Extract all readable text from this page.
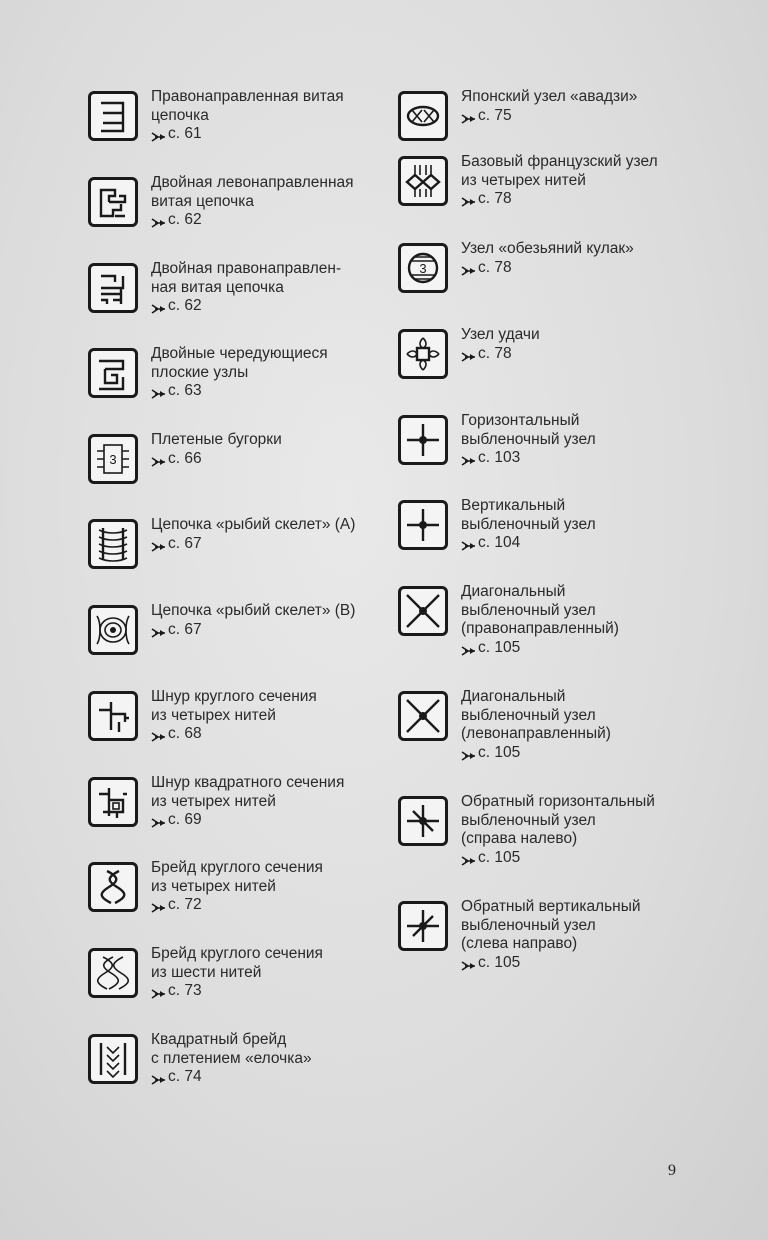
Правонаправленная витая
цепочка
с. 61
Двойная левонаправленная
витая цепочка
с. 62
Двойная правонаправлен-
ная витая цепочка
с. 62
Двойные чередующиеся
плоские узлы
с. 63
3
Плетеные бугорки
с. 66
Цепочка «рыбий скелет» (А)
с. 67
Цепочка «рыбий скелет» (В)
с. 67
Шнур круглого сечения
из четырех нитей
с. 68
Шнур квадратного сечения
из четырех нитей
с. 69
Брейд круглого сечения
из четырех нитей
с. 72
Брейд круглого сечения
из шести нитей
с. 73
Квадратный брейд
с плетением «елочка»
с. 74
Японский узел «авадзи»
с. 75
Базовый французский узел
из четырех нитей
с. 78
3
Узел «обезьяний кулак»
с. 78
Узел удачи
с. 78
Горизонтальный
выбленочный узел
с. 103
Вертикальный
выбленочный узел
с. 104
Диагональный
выбленочный узел
(правонаправленный)
с. 105
Диагональный
выбленочный узел
(левонаправленный)
с. 105
Обратный горизонтальный
выбленочный узел
(справа налево)
с. 105
Обратный вертикальный
выбленочный узел
(слева направо)
с. 105
9
